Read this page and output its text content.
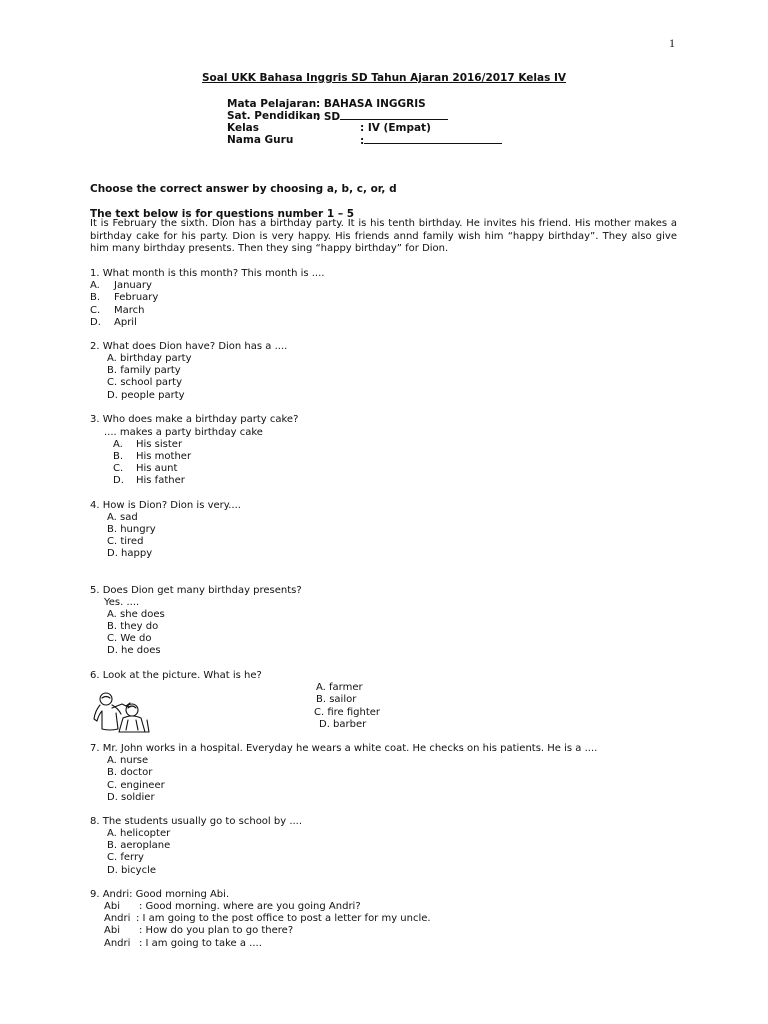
1
Soal UKK Bahasa Inggris SD Tahun Ajaran 2016/2017 Kelas IV
Mata Pelajaran : BAHASA INGGRIS
Sat. Pendidikan
: SD
Kelas	: IV (Empat)
Nama Guru	:
Choose the correct answer by choosing a, b, c, or, d
The text below is for questions number 1 – 5
It is February the sixth. Dion has a birthday party. It is his tenth birthday. He invites his friend. His mother makes a birthday cake for his party. Dion is very happy. His friends annd family wish him “happy birthday”. They also give him many birthday presents. Then they sing “happy birthday” for Dion.
1. What month is this month? This month is ....
A. January
B. February
C. March
D. April
2. What does Dion have? Dion has a ....
A. birthday party
B. family party
C. school party
D. people party
3. Who does make a birthday party cake?
.... makes a party birthday cake
A. His sister
B. His mother
C. His aunt
D. His father
4. How is Dion? Dion is very....
A. sad
B. hungry
C. tired
D. happy
5. Does Dion get many birthday presents?
Yes. ....
A. she does
B. they do
C. We do
D. he does
6. Look at the picture. What is he?
A. farmer
B. sailor
C. fire fighter
D. barber
7. Mr. John works in a hospital. Everyday he wears a white coat. He checks on his patients. He is a ....
A. nurse
B. doctor
C. engineer
D. soldier
8. The students usually go to school by ....
A. helicopter
B. aeroplane
C. ferry
D. bicycle
9. Andri: Good morning Abi.
Abi : Good morning. where are you going Andri?
Andri : I am going to the post office to post a letter for my uncle.
Abi : How do you plan to go there?
Andri : I am going to take a ....
